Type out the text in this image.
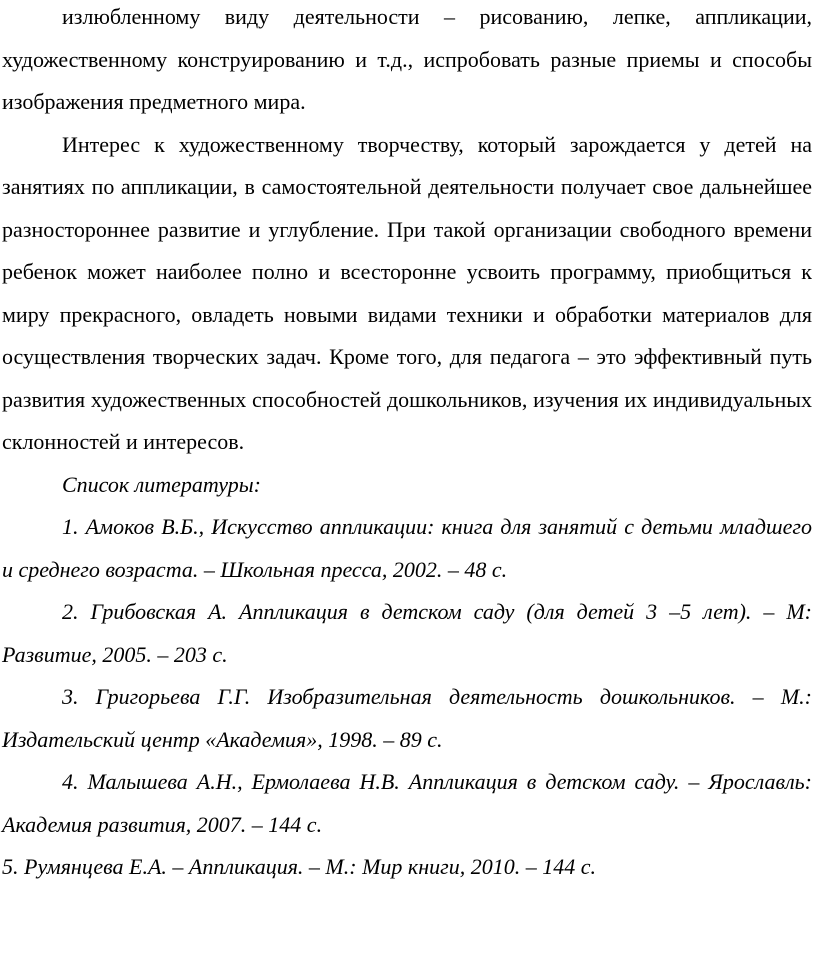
излюбленному виду деятельности – рисованию, лепке, аппликации, художественному конструированию и т.д., испробовать разные приемы и способы изображения предметного мира.

Интерес к художественному творчеству, который зарождается у детей на занятиях по аппликации, в самостоятельной деятельности получает свое дальнейшее разностороннее развитие и углубление. При такой организации свободного времени ребенок может наиболее полно и всесторонне усвоить программу, приобщиться к миру прекрасного, овладеть новыми видами техники и обработки материалов для осуществления творческих задач. Кроме того, для педагога – это эффективный путь развития художественных способностей дошкольников, изучения их индивидуальных склонностей и интересов.

Список литературы:

1. Амоков В.Б., Искусство аппликации: книга для занятий с детьми младшего и среднего возраста. – Школьная пресса, 2002. – 48 с.

2. Грибовская А. Аппликация в детском саду (для детей 3 –5 лет). – М: Развитие, 2005. – 203 с.

3. Григорьева Г.Г. Изобразительная деятельность дошкольников. – М.: Издательский центр «Академия», 1998. – 89 с.

4. Малышева А.Н., Ермолаева Н.В. Аппликация в детском саду. – Ярославль: Академия развития, 2007. – 144 с.

5. Румянцева Е.А. – Аппликация. – М.: Мир книги, 2010. – 144 с.
